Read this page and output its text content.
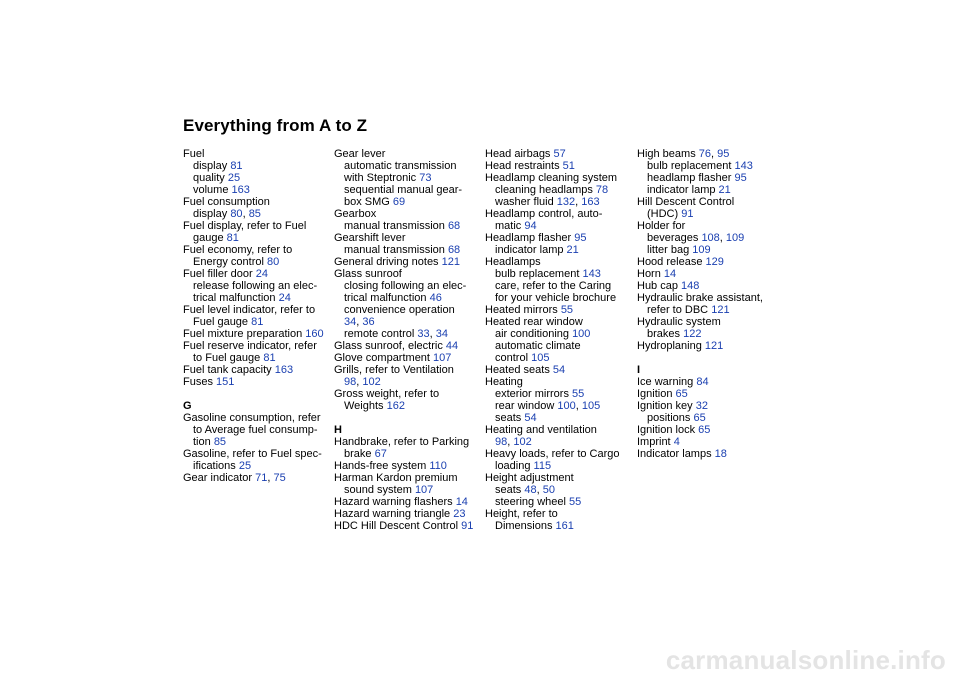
Everything from A to Z
Fuel
display 81
quality 25
volume 163
Fuel consumption
display 80, 85
Fuel display, refer to Fuel
gauge 81
Fuel economy, refer to
Energy control 80
Fuel filler door 24
release following an elec-
trical malfunction 24
Fuel level indicator, refer to
Fuel gauge 81
Fuel mixture preparation 160
Fuel reserve indicator, refer
to Fuel gauge 81
Fuel tank capacity 163
Fuses 151
G
Gasoline consumption, refer
to Average fuel consump-
tion 85
Gasoline, refer to Fuel spec-
ifications 25
Gear indicator 71, 75
Gear lever
automatic transmission
with Steptronic 73
sequential manual gear-
box SMG 69
Gearbox
manual transmission 68
Gearshift lever
manual transmission 68
General driving notes 121
Glass sunroof
closing following an elec-
trical malfunction 46
convenience operation
34, 36
remote control 33, 34
Glass sunroof, electric 44
Glove compartment 107
Grills, refer to Ventilation
98, 102
Gross weight, refer to
Weights 162
H
Handbrake, refer to Parking
brake 67
Hands-free system 110
Harman Kardon premium
sound system 107
Hazard warning flashers 14
Hazard warning triangle 23
HDC Hill Descent Control 91
Head airbags 57
Head restraints 51
Headlamp cleaning system
cleaning headlamps 78
washer fluid 132, 163
Headlamp control, auto-
matic 94
Headlamp flasher 95
indicator lamp 21
Headlamps
bulb replacement 143
care, refer to the Caring
for your vehicle brochure
Heated mirrors 55
Heated rear window
air conditioning 100
automatic climate
control 105
Heated seats 54
Heating
exterior mirrors 55
rear window 100, 105
seats 54
Heating and ventilation
98, 102
Heavy loads, refer to Cargo
loading 115
Height adjustment
seats 48, 50
steering wheel 55
Height, refer to
Dimensions 161
High beams 76, 95
bulb replacement 143
headlamp flasher 95
indicator lamp 21
Hill Descent Control
(HDC) 91
Holder for
beverages 108, 109
litter bag 109
Hood release 129
Horn 14
Hub cap 148
Hydraulic brake assistant,
refer to DBC 121
Hydraulic system
brakes 122
Hydroplaning 121
I
Ice warning 84
Ignition 65
Ignition key 32
positions 65
Ignition lock 65
Imprint 4
Indicator lamps 18
carmanualsonline.info
